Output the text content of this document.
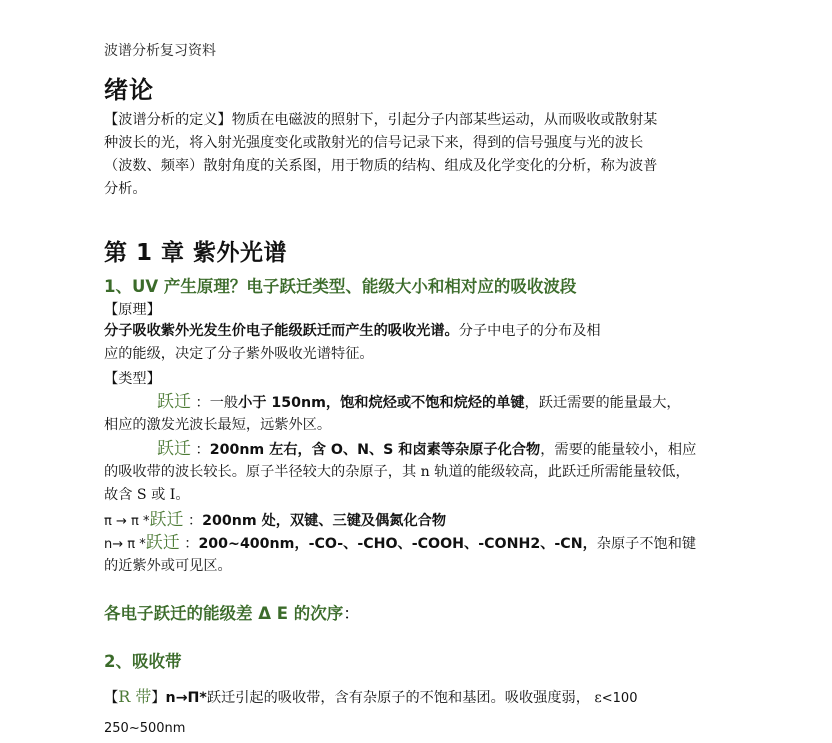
波谱分析复习资料
绪论
【波谱分析的定义】物质在电磁波的照射下，引起分子内部某些运动，从而吸收或散射某
种波长的光，将入射光强度变化或散射光的信号记录下来，得到的信号强度与光的波长
（波数、频率）散射角度的关系图，用于物质的结构、组成及化学变化的分析，称为波普
分析。
第 1 章 紫外光谱
1、UV 产生原理？电子跃迁类型、能级大小和相对应的吸收波段
【原理】
分子吸收紫外光发生价电子能级跃迁而产生的吸收光谱。分子中电子的分布及相
应的能级，决定了分子紫外吸收光谱特征。
【类型】
跃迁 ：一般小于 150nm，饱和烷烃或不饱和烷烃的单键，跃迁需要的能量最大，
相应的激发光波长最短，远紫外区。
跃迁 ：200nm 左右，含 O、N、S 和卤素等杂原子化合物，需要的能量较小，相应
的吸收带的波长较长。原子半径较大的杂原子，其 n 轨道的能级较高，此跃迁所需能量较低，
故含 S 或 I。
π → π *跃迁 ：200nm 处，双键、三键及偶氮化合物
n→ π *跃迁 ：200~400nm，-CO-、-CHO、-COOH、-CONH2、-CN，杂原子不饱和键
的近紫外或可见区。
各电子跃迁的能级差 Δ E 的次序：
2、吸收带
【R 带】n→Π*跃迁引起的吸收带，含有杂原子的不饱和基团。吸收强度弱， ε<100
250~500nm
